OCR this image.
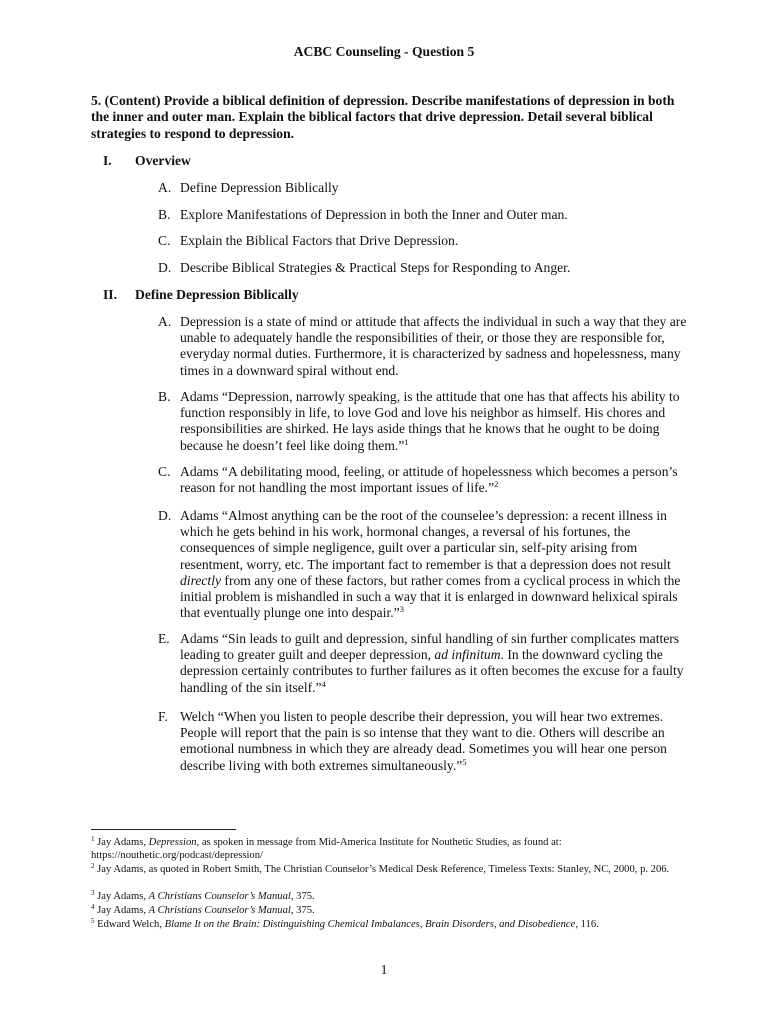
ACBC Counseling - Question 5
5. (Content) Provide a biblical definition of depression. Describe manifestations of depression in both the inner and outer man. Explain the biblical factors that drive depression. Detail several biblical strategies to respond to depression.
I. Overview
A. Define Depression Biblically
B. Explore Manifestations of Depression in both the Inner and Outer man.
C. Explain the Biblical Factors that Drive Depression.
D. Describe Biblical Strategies & Practical Steps for Responding to Anger.
II. Define Depression Biblically
A. Depression is a state of mind or attitude that affects the individual in such a way that they are unable to adequately handle the responsibilities of their, or those they are responsible for, everyday normal duties. Furthermore, it is characterized by sadness and hopelessness, many times in a downward spiral without end.
B. Adams “Depression, narrowly speaking, is the attitude that one has that affects his ability to function responsibly in life, to love God and love his neighbor as himself. His chores and responsibilities are shirked. He lays aside things that he knows that he ought to be doing because he doesn’t feel like doing them.”$^1$
C. Adams “A debilitating mood, feeling, or attitude of hopelessness which becomes a person’s reason for not handling the most important issues of life.”$^2$
D. Adams “Almost anything can be the root of the counselee’s depression: a recent illness in which he gets behind in his work, hormonal changes, a reversal of his fortunes, the consequences of simple negligence, guilt over a particular sin, self-pity arising from resentment, worry, etc. The important fact to remember is that a depression does not result directly from any one of these factors, but rather comes from a cyclical process in which the initial problem is mishandled in such a way that it is enlarged in downward helixical spirals that eventually plunge one into despair.”$^3$
E. Adams “Sin leads to guilt and depression, sinful handling of sin further complicates matters leading to greater guilt and deeper depression, ad infinitum. In the downward cycling the depression certainly contributes to further failures as it often becomes the excuse for a faulty handling of the sin itself.”$^4$
F. Welch “When you listen to people describe their depression, you will hear two extremes. People will report that the pain is so intense that they want to die. Others will describe an emotional numbness in which they are already dead. Sometimes you will hear one person describe living with both extremes simultaneously.”$^5$
$^1$ Jay Adams, Depression, as spoken in message from Mid-America Institute for Nouthetic Studies, as found at: https://nouthetic.org/podcast/depression/
$^2$ Jay Adams, as quoted in Robert Smith, The Christian Counselor’s Medical Desk Reference, Timeless Texts: Stanley, NC, 2000, p. 206.
$^3$ Jay Adams, A Christians Counselor’s Manual, 375.
$^4$ Jay Adams, A Christians Counselor’s Manual, 375.
$^5$ Edward Welch, Blame It on the Brain: Distinguishing Chemical Imbalances, Brain Disorders, and Disobedience, 116.
1
